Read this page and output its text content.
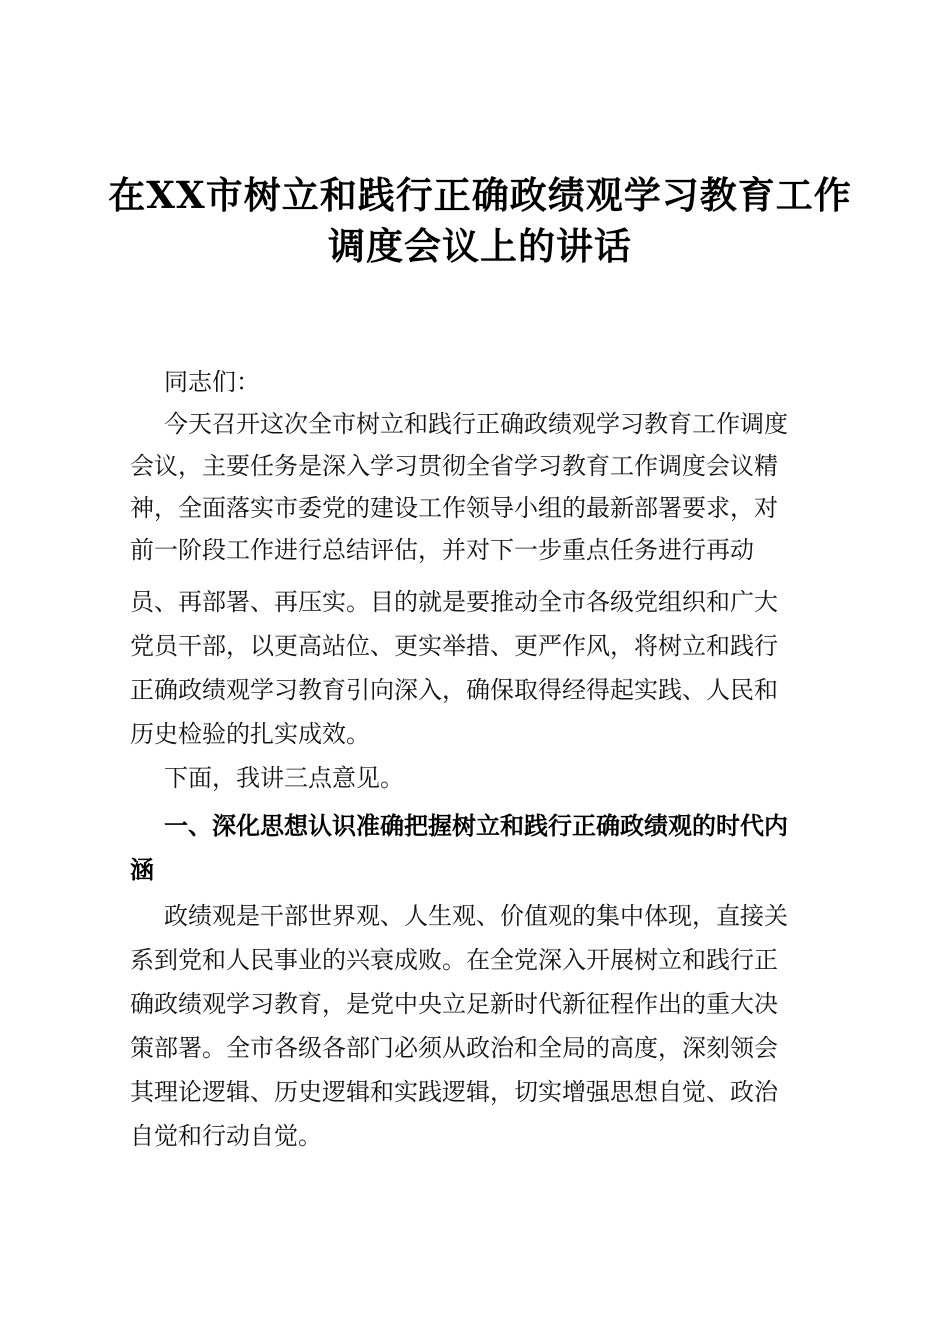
在XX市树立和践行正确政绩观学习教育工作
调度会议上的讲话
同志们：
今天召开这次全市树立和践行正确政绩观学习教育工作调度
会议，主要任务是深入学习贯彻全省学习教育工作调度会议精
神，全面落实市委党的建设工作领导小组的最新部署要求，对
前一阶段工作进行总结评估，并对下一步重点任务进行再动
员、再部署、再压实。目的就是要推动全市各级党组织和广大
党员干部，以更高站位、更实举措、更严作风，将树立和践行
正确政绩观学习教育引向深入，确保取得经得起实践、人民和
历史检验的扎实成效。
下面，我讲三点意见。
一、深化思想认识准确把握树立和践行正确政绩观的时代内
涵
政绩观是干部世界观、人生观、价值观的集中体现，直接关
系到党和人民事业的兴衰成败。在全党深入开展树立和践行正
确政绩观学习教育，是党中央立足新时代新征程作出的重大决
策部署。全市各级各部门必须从政治和全局的高度，深刻领会
其理论逻辑、历史逻辑和实践逻辑，切实增强思想自觉、政治
自觉和行动自觉。
